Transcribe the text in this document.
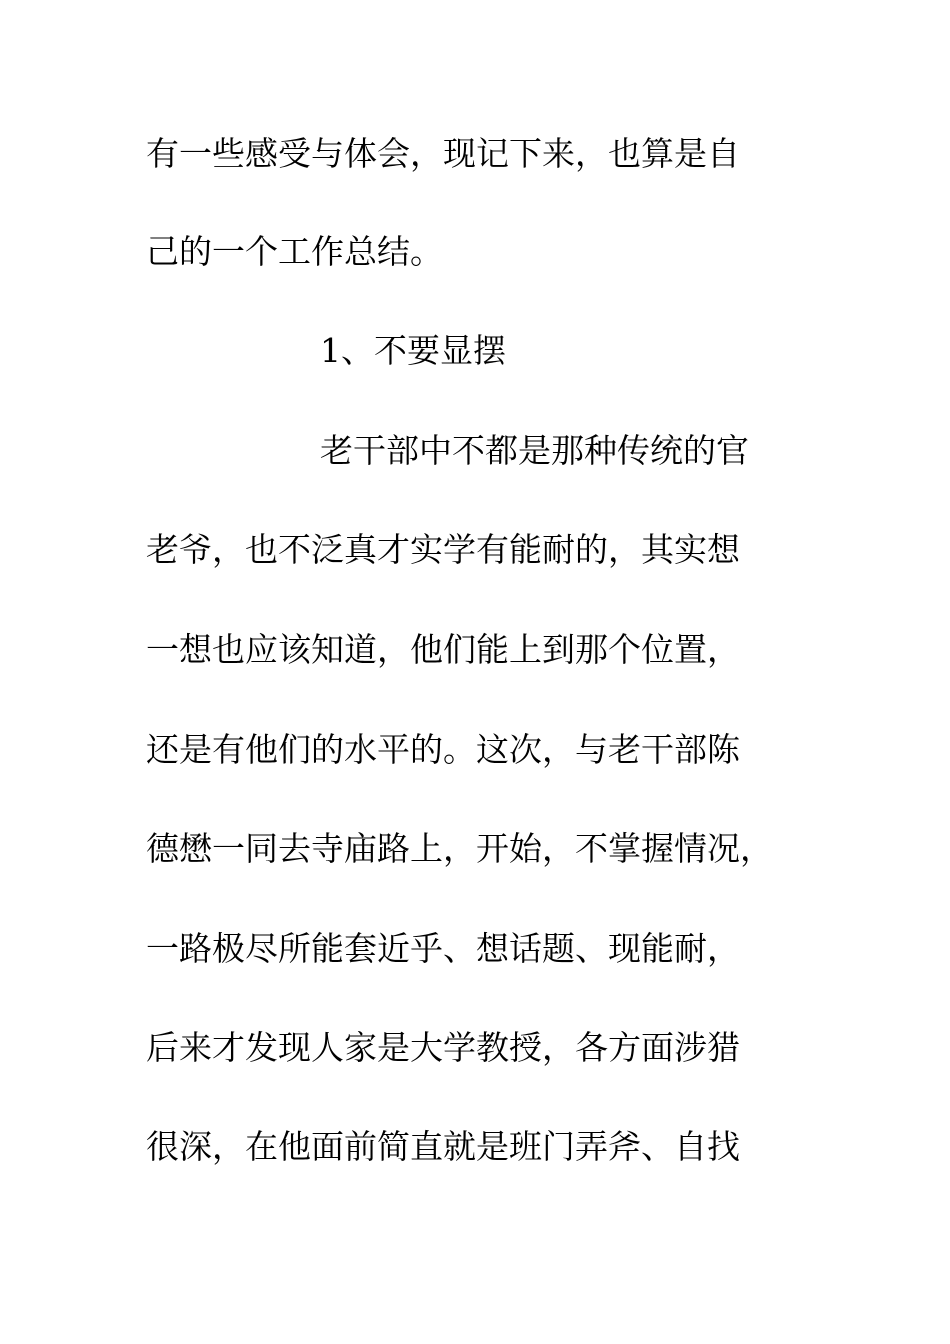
有一些感受与体会，现记下来，也算是自
己的一个工作总结。
1、不要显摆
老干部中不都是那种传统的官
老爷，也不泛真才实学有能耐的，其实想
一想也应该知道，他们能上到那个位置，
还是有他们的水平的。这次，与老干部陈
德懋一同去寺庙路上，开始，不掌握情况，
一路极尽所能套近乎、想话题、现能耐，
后来才发现人家是大学教授，各方面涉猎
很深，在他面前简直就是班门弄斧、自找
